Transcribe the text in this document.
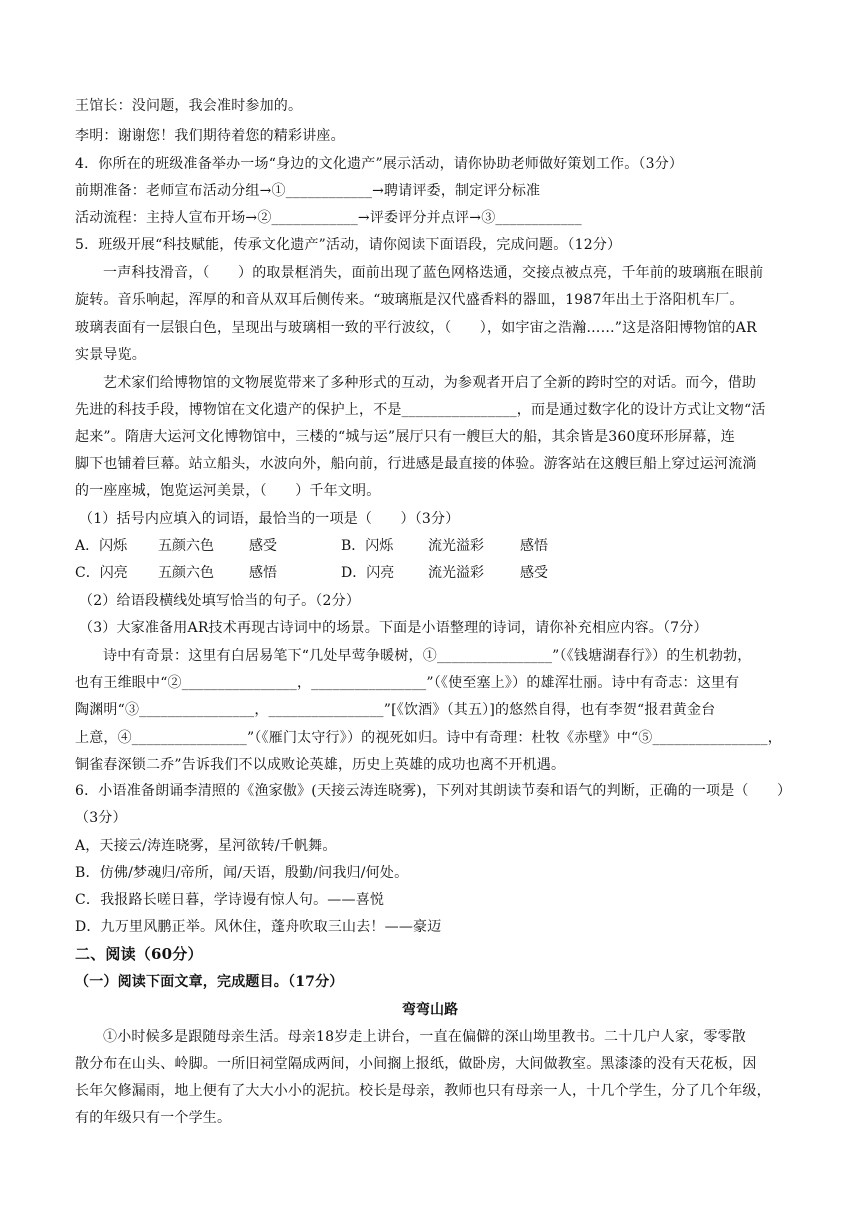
王馆长：没问题，我会准时参加的。
李明：谢谢您！我们期待着您的精彩讲座。
4．你所在的班级准备举办一场“身边的文化遗产”展示活动，请你协助老师做好策划工作。（3分）
前期准备：老师宣布活动分组→①____________→聘请评委，制定评分标准
活动流程：主持人宣布开场→②____________→评委评分并点评→③____________
5．班级开展“科技赋能，传承文化遗产”活动，请你阅读下面语段，完成问题。（12分）
一声科技滑音，（　　）的取景框消失，面前出现了蓝色网格迭通，交接点被点亮，千年前的玻璃瓶在眼前
旋转。音乐响起，浑厚的和音从双耳后侧传来。“玻璃瓶是汉代盛香料的器皿，1987年出土于洛阳机车厂。
玻璃表面有一层银白色，呈现出与玻璃相一致的平行波纹，（　　），如宇宙之浩瀚……”这是洛阳博物馆的AR
实景导览。
艺术家们给博物馆的文物展览带来了多种形式的互动，为参观者开启了全新的跨时空的对话。而今，借助
先进的科技手段，博物馆在文化遗产的保护上，不是________________，而是通过数字化的设计方式让文物“活
起来”。隋唐大运河文化博物馆中，三楼的“城与运”展厅只有一艘巨大的船，其余皆是360度环形屏幕，连
脚下也铺着巨幕。站立船头，水波向外，船向前，行进感是最直接的体验。游客站在这艘巨船上穿过运河流淌
的一座座城，饱览运河美景，（　　）千年文明。
（1）括号内应填入的词语，最恰当的一项是（　　）（3分）
A．闪烁 五颜六色	感受	B．闪烁 流光溢彩	感悟
C．闪亮 五颜六色	感悟	D．闪亮 流光溢彩	感受
（2）给语段横线处填写恰当的句子。（2分）
（3）大家准备用AR技术再现古诗词中的场景。下面是小语整理的诗词，请你补充相应内容。（7分）
诗中有奇景：这里有白居易笔下“几处早莺争暖树，①________________”（《钱塘湖春行》）的生机勃勃，
也有王维眼中“②________________，________________”（《使至塞上》）的雄浑壮丽。诗中有奇志：这里有
陶渊明“③________________，________________”[《饮酒》（其五）]的悠然自得，也有李贺“报君黄金台
上意，④________________”（《雁门太守行》）的视死如归。诗中有奇理：杜牧《赤壁》中“⑤________________，
铜雀春深锁二乔”告诉我们不以成败论英雄，历史上英雄的成功也离不开机遇。
6．小语准备朗诵李清照的《渔家傲》(天接云涛连晓雾)，下列对其朗读节奏和语气的判断，正确的一项是（　　）
（3分）
A，天接云/涛连晓雾，星河欲转/千帆舞。
B．仿佛/梦魂归/帝所，闻/天语，殷勤/问我归/何处。
C．我报路长嗟日暮，学诗谩有惊人句。——喜悦
D．九万里风鹏正举。风休住，蓬舟吹取三山去！——豪迈
二、阅读（60分）
（一）阅读下面文章，完成题目。（17分）
弯弯山路
①小时候多是跟随母亲生活。母亲18岁走上讲台，一直在偏僻的深山坳里教书。二十几户人家，零零散
散分布在山头、岭脚。一所旧祠堂隔成两间，小间搁上报纸，做卧房，大间做教室。黑漆漆的没有天花板，因
长年欠修漏雨，地上便有了大大小小的泥抗。校长是母亲，教师也只有母亲一人，十几个学生，分了几个年级，
有的年级只有一个学生。
